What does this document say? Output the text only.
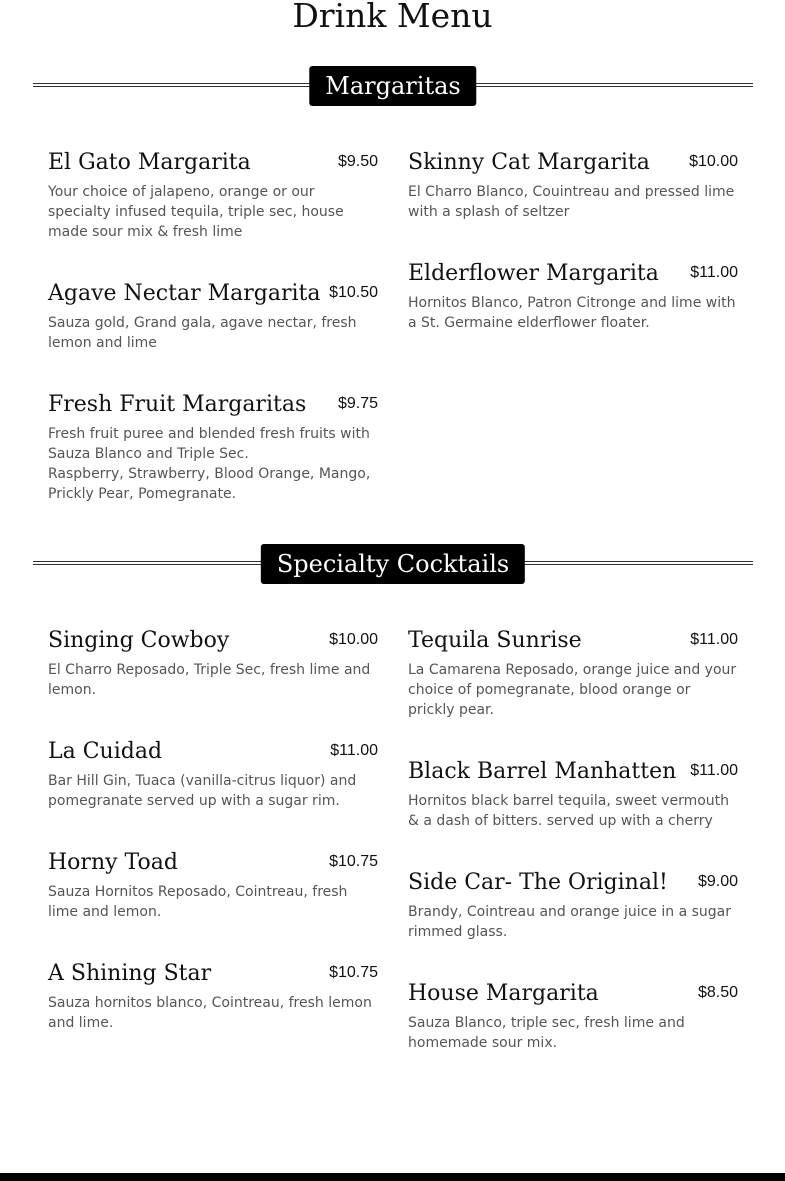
Drink Menu
Margaritas
El Gato Margarita	$9.50
Your choice of jalapeno, orange or our specialty infused tequila, triple sec, house made sour mix & fresh lime
Skinny Cat Margarita $10.00
El Charro Blanco, Couintreau and pressed lime with a splash of seltzer
Agave Nectar Margarita $10.50
Sauza gold, Grand gala, agave nectar, fresh lemon and lime
Elderflower Margarita $11.00
Hornitos Blanco, Patron Citronge and lime with a St. Germaine elderflower floater.
Fresh Fruit Margaritas $9.75
Fresh fruit puree and blended fresh fruits with Sauza Blanco and Triple Sec.
Raspberry, Strawberry, Blood Orange, Mango, Prickly Pear, Pomegranate.
Specialty Cocktails
Singing Cowboy	$10.00
El Charro Reposado, Triple Sec, fresh lime and lemon.
La Cuidad	$11.00
Bar Hill Gin, Tuaca (vanilla-citrus liquor) and pomegranate served up with a sugar rim.
Horny Toad	$10.75
Sauza Hornitos Reposado, Cointreau, fresh lime and lemon.
A Shining Star	$10.75
Sauza hornitos blanco, Cointreau, fresh lemon and lime.
Tequila Sunrise	$11.00
La Camarena Reposado, orange juice and your choice of pomegranate, blood orange or prickly pear.
Black Barrel Manhatten $11.00
Hornitos black barrel tequila, sweet vermouth & a dash of bitters. served up with a cherry
Side Car- The Original! $9.00
Brandy, Cointreau and orange juice in a sugar rimmed glass.
House Margarita	$8.50
Sauza Blanco, triple sec, fresh lime and homemade sour mix.
